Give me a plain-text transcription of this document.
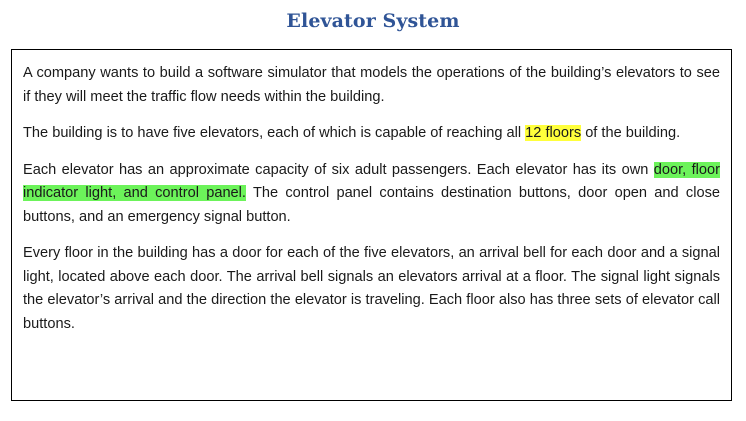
Elevator System

A company wants to build a software simulator that models the operations of the building’s elevators to see if they will meet the traffic flow needs within the building.

The building is to have five elevators, each of which is capable of reaching all 12 floors of the building.

Each elevator has an approximate capacity of six adult passengers. Each elevator has its own door, floor indicator light, and control panel. The control panel contains destination buttons, door open and close buttons, and an emergency signal button.

Every floor in the building has a door for each of the five elevators, an arrival bell for each door and a signal light, located above each door. The arrival bell signals an elevators arrival at a floor. The signal light signals the elevator’s arrival and the direction the elevator is traveling. Each floor also has three sets of elevator call buttons.
